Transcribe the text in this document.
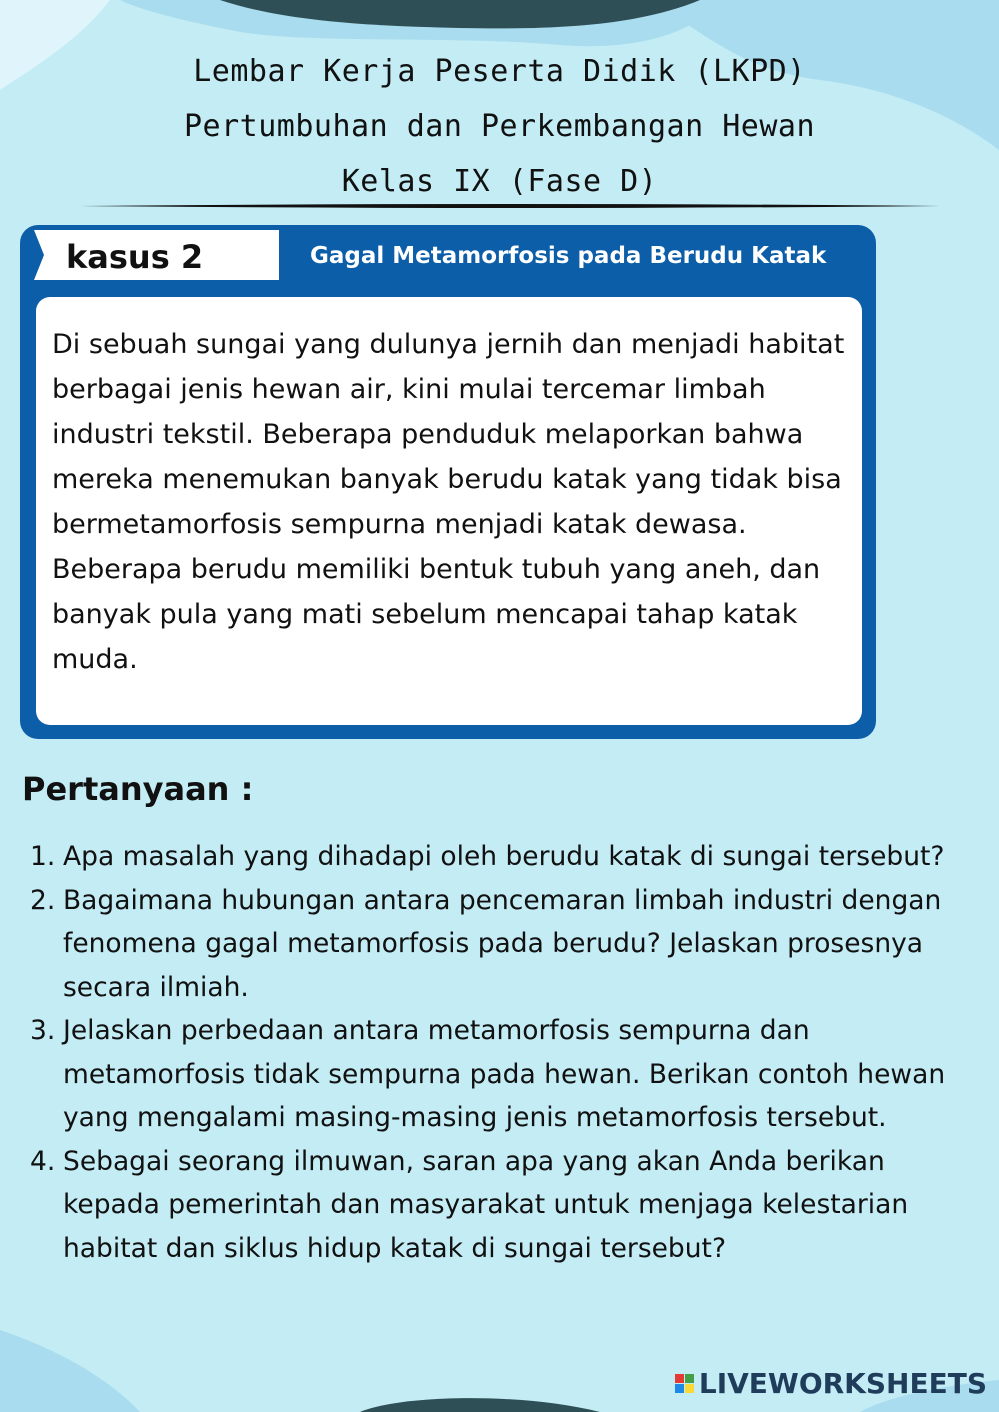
Lembar Kerja Peserta Didik (LKPD)
Pertumbuhan dan Perkembangan Hewan
Kelas IX (Fase D)
kasus 2	Gagal Metamorfosis pada Berudu Katak

Di sebuah sungai yang dulunya jernih dan menjadi habitat berbagai jenis hewan air, kini mulai tercemar limbah industri tekstil. Beberapa penduduk melaporkan bahwa mereka menemukan banyak berudu katak yang tidak bisa bermetamorfosis sempurna menjadi katak dewasa. Beberapa berudu memiliki bentuk tubuh yang aneh, dan banyak pula yang mati sebelum mencapai tahap katak muda.

Pertanyaan :
1. Apa masalah yang dihadapi oleh berudu katak di sungai tersebut?
2. Bagaimana hubungan antara pencemaran limbah industri dengan fenomena gagal metamorfosis pada berudu? Jelaskan prosesnya secara ilmiah.
3. Jelaskan perbedaan antara metamorfosis sempurna dan metamorfosis tidak sempurna pada hewan. Berikan contoh hewan yang mengalami masing-masing jenis metamorfosis tersebut.
4. Sebagai seorang ilmuwan, saran apa yang akan Anda berikan kepada pemerintah dan masyarakat untuk menjaga kelestarian habitat dan siklus hidup katak di sungai tersebut?
LIVEWORKSHEETS
